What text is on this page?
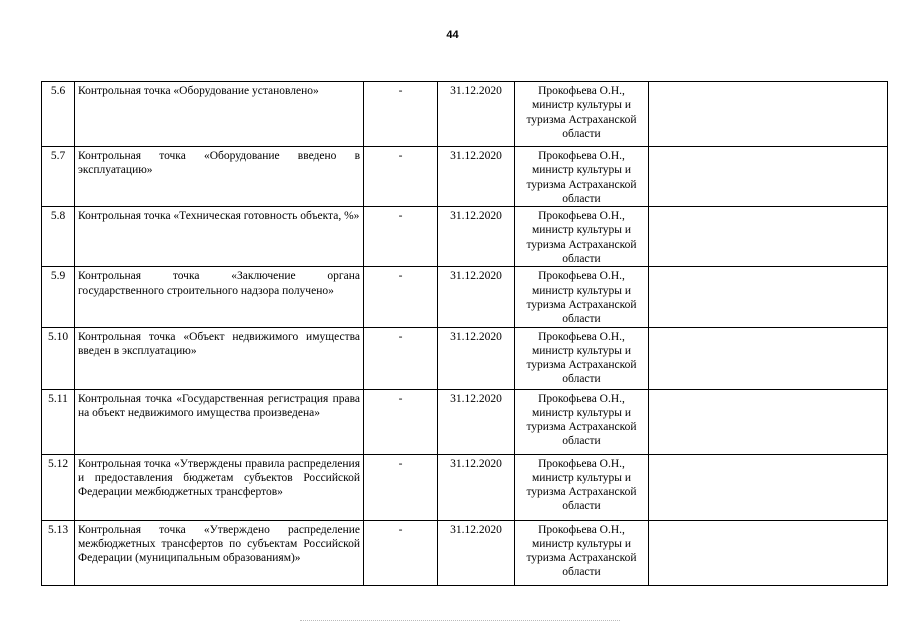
44
5.6	Контрольная точка «Оборудование установлено»	-	31.12.2020	Прокофьева О.Н., министр культуры и туризма Астраханской области	
5.7	Контрольная точка «Оборудование введено в эксплуатацию»	-	31.12.2020	Прокофьева О.Н., министр культуры и туризма Астраханской области	
5.8	Контрольная точка «Техническая готовность объекта, %»	-	31.12.2020	Прокофьева О.Н., министр культуры и туризма Астраханской области	
5.9	Контрольная точка «Заключение органа государственного строительного надзора получено»	-	31.12.2020	Прокофьева О.Н., министр культуры и туризма Астраханской области	
5.10	Контрольная точка «Объект недвижимого имущества введен в эксплуатацию»	-	31.12.2020	Прокофьева О.Н., министр культуры и туризма Астраханской области	
5.11	Контрольная точка «Государственная регистрация права на объект недвижимого имущества произведена»	-	31.12.2020	Прокофьева О.Н., министр культуры и туризма Астраханской области	
5.12	Контрольная точка «Утверждены правила распределения и предоставления бюджетам субъектов Российской Федерации межбюджетных трансфертов»	-	31.12.2020	Прокофьева О.Н., министр культуры и туризма Астраханской области	
5.13	Контрольная точка «Утверждено распределение межбюджетных трансфертов по субъектам Российской Федерации (муниципальным образованиям)»	-	31.12.2020	Прокофьева О.Н., министр культуры и туризма Астраханской области	
